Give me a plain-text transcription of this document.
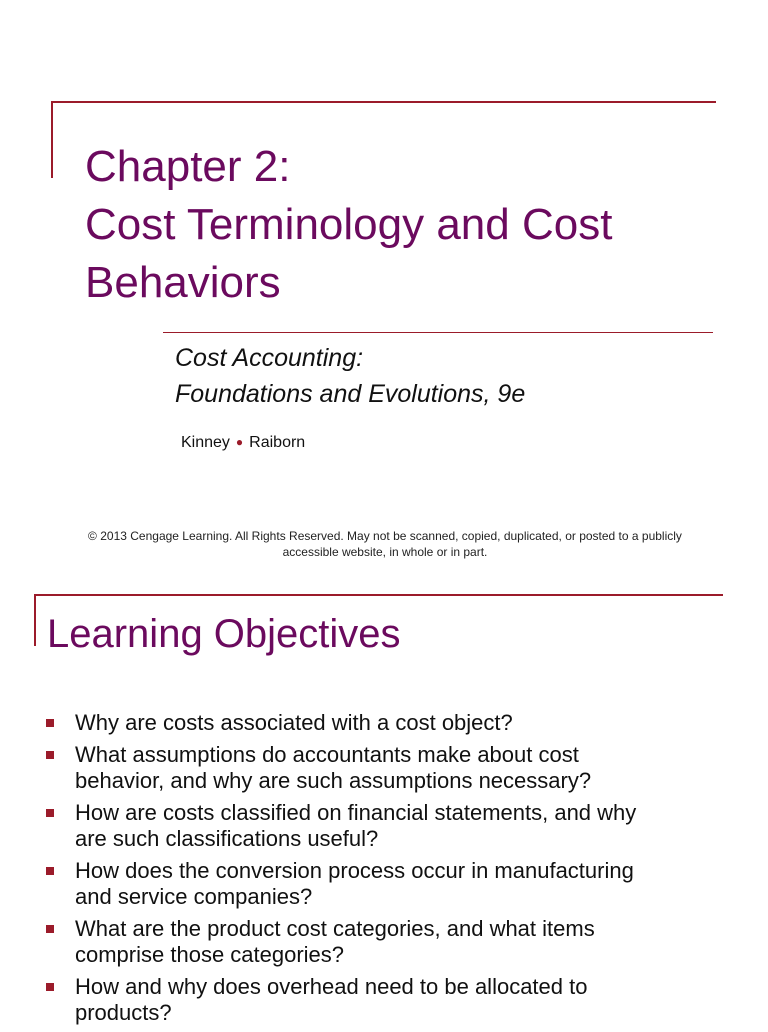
Chapter 2:
Cost Terminology and Cost
Behaviors
Cost Accounting:
Foundations and Evolutions, 9e
Kinney ● Raiborn
© 2013 Cengage Learning. All Rights Reserved. May not be scanned, copied, duplicated, or posted to a publicly
accessible website, in whole or in part.
Learning Objectives
Why are costs associated with a cost object?
What assumptions do accountants make about cost
behavior, and why are such assumptions necessary?
How are costs classified on financial statements, and why
are such classifications useful?
How does the conversion process occur in manufacturing
and service companies?
What are the product cost categories, and what items
comprise those categories?
How and why does overhead need to be allocated to
products?
